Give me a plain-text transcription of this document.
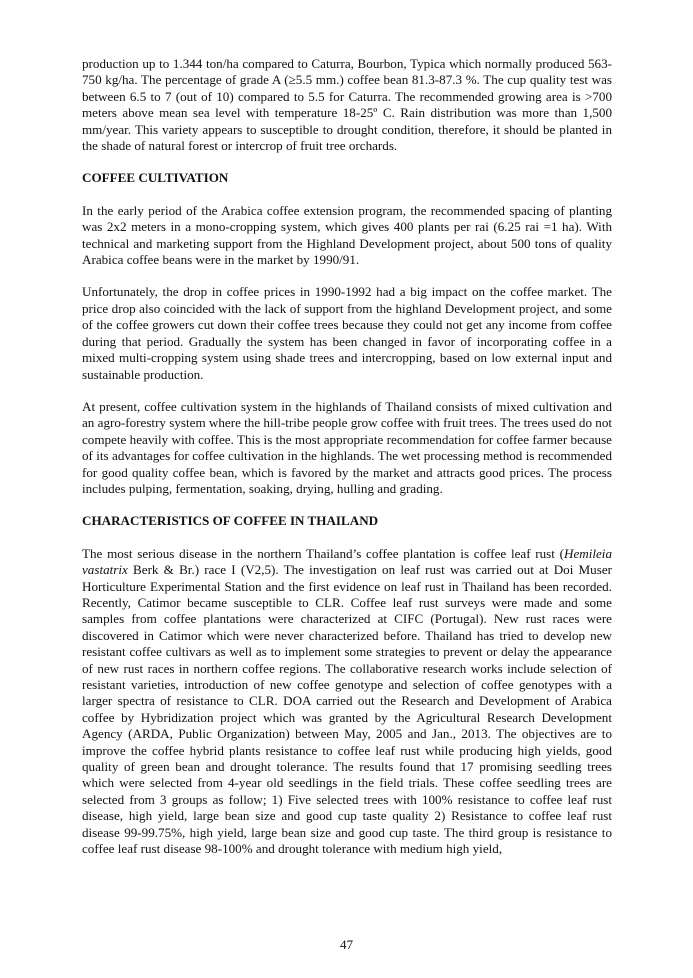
production up to 1.344 ton/ha compared to Caturra, Bourbon, Typica which normally produced 563-750 kg/ha. The percentage of grade A (≥5.5 mm.) coffee bean 81.3-87.3 %. The cup quality test was between 6.5 to 7 (out of 10) compared to 5.5 for Caturra. The recommended growing area is >700 meters above mean sea level with temperature 18-25º C. Rain distribution was more than 1,500 mm/year. This variety appears to susceptible to drought condition, therefore, it should be planted in the shade of natural forest or intercrop of fruit tree orchards.

COFFEE CULTIVATION

In the early period of the Arabica coffee extension program, the recommended spacing of planting was 2x2 meters in a mono-cropping system, which gives 400 plants per rai (6.25 rai =1 ha). With technical and marketing support from the Highland Development project, about 500 tons of quality Arabica coffee beans were in the market by 1990/91.

Unfortunately, the drop in coffee prices in 1990-1992 had a big impact on the coffee market. The price drop also coincided with the lack of support from the highland Development project, and some of the coffee growers cut down their coffee trees because they could not get any income from coffee during that period. Gradually the system has been changed in favor of incorporating coffee in a mixed multi-cropping system using shade trees and intercropping, based on low external input and sustainable production.

At present, coffee cultivation system in the highlands of Thailand consists of mixed cultivation and an agro-forestry system where the hill-tribe people grow coffee with fruit trees. The trees used do not compete heavily with coffee. This is the most appropriate recommendation for coffee farmer because of its advantages for coffee cultivation in the highlands. The wet processing method is recommended for good quality coffee bean, which is favored by the market and attracts good prices. The process includes pulping, fermentation, soaking, drying, hulling and grading.

CHARACTERISTICS OF COFFEE IN THAILAND

The most serious disease in the northern Thailand’s coffee plantation is coffee leaf rust (Hemileia vastatrix Berk & Br.) race I (V2,5). The investigation on leaf rust was carried out at Doi Muser Horticulture Experimental Station and the first evidence on leaf rust in Thailand has been recorded. Recently, Catimor became susceptible to CLR. Coffee leaf rust surveys were made and some samples from coffee plantations were characterized at CIFC (Portugal). New rust races were discovered in Catimor which were never characterized before. Thailand has tried to develop new resistant coffee cultivars as well as to implement some strategies to prevent or delay the appearance of new rust races in northern coffee regions. The collaborative research works include selection of resistant varieties, introduction of new coffee genotype and selection of coffee genotypes with a larger spectra of resistance to CLR. DOA carried out the Research and Development of Arabica coffee by Hybridization project which was granted by the Agricultural Research Development Agency (ARDA, Public Organization) between May, 2005 and Jan., 2013. The objectives are to improve the coffee hybrid plants resistance to coffee leaf rust while producing high yields, good quality of green bean and drought tolerance. The results found that 17 promising seedling trees which were selected from 4-year old seedlings in the field trials. These coffee seedling trees are selected from 3 groups as follow; 1) Five selected trees with 100% resistance to coffee leaf rust disease, high yield, large bean size and good cup taste quality 2) Resistance to coffee leaf rust disease 99-99.75%, high yield, large bean size and good cup taste. The third group is resistance to coffee leaf rust disease 98-100% and drought tolerance with medium high yield,

47
